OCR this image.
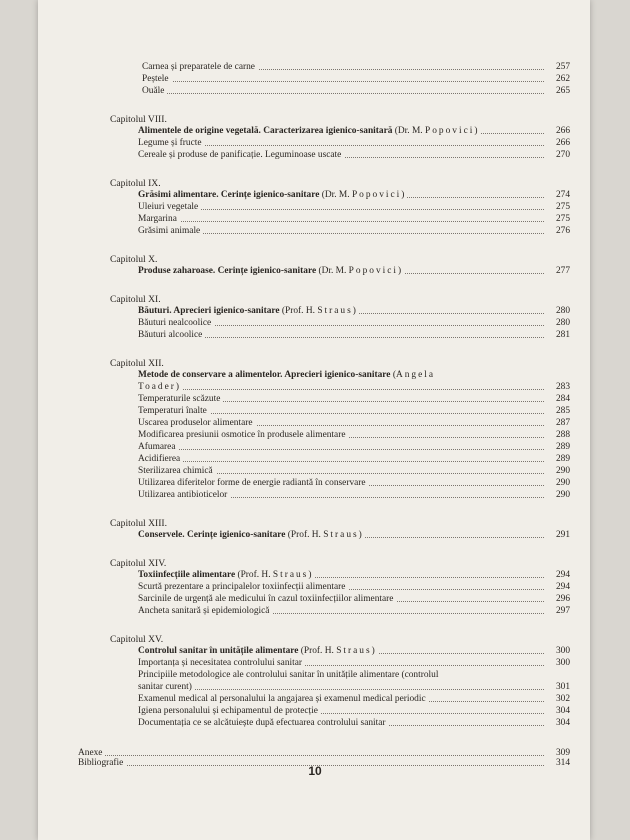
Carnea și preparatele de carne	257
Peștele	262
Ouăle	265
Capitolul VIII.
Alimentele de origine vegetală. Caracterizarea igienico-sanitară (Dr. M. Popovici)	266
Legume și fructe	266
Cereale și produse de panificație. Leguminoase uscate	270
Capitolul IX.
Grăsimi alimentare. Cerințe igienico-sanitare (Dr. M. Popovici)	274
Uleiuri vegetale	275
Margarina	275
Grăsimi animale	276
Capitolul X.
Produse zaharoase. Cerințe igienico-sanitare (Dr. M. Popovici)	277
Capitolul XI.
Băuturi. Aprecieri igienico-sanitare (Prof. H. Straus)	280
Băuturi nealcoolice	280
Băuturi alcoolice	281
Capitolul XII.
Metode de conservare a alimentelor. Aprecieri igienico-sanitare (Angela
Toader)	283
Temperaturile scăzute	284
Temperaturi înalte	285
Uscarea produselor alimentare	287
Modificarea presiunii osmotice în produsele alimentare	288
Afumarea	289
Acidifierea	289
Sterilizarea chimică	290
Utilizarea diferitelor forme de energie radiantă în conservare	290
Utilizarea antibioticelor	290
Capitolul XIII.
Conservele. Cerințe igienico-sanitare (Prof. H. Straus)	291
Capitolul XIV.
Toxiinfecțiile alimentare (Prof. H. Straus)	294
Scurtă prezentare a principalelor toxiinfecții alimentare	294
Sarcinile de urgență ale medicului în cazul toxiinfecțiilor alimentare	296
Ancheta sanitară și epidemiologică	297
Capitolul XV.
Controlul sanitar în unitățile alimentare (Prof. H. Straus)	300
Importanța și necesitatea controlului sanitar	300
Principiile metodologice ale controlului sanitar în unitățile alimentare (controlul
sanitar curent)	301
Examenul medical al personalului la angajarea și examenul medical periodic	302
Igiena personalului și echipamentul de protecție	304
Documentația ce se alcătuiește după efectuarea controlului sanitar	304
Anexe	309
Bibliografie	314
10
